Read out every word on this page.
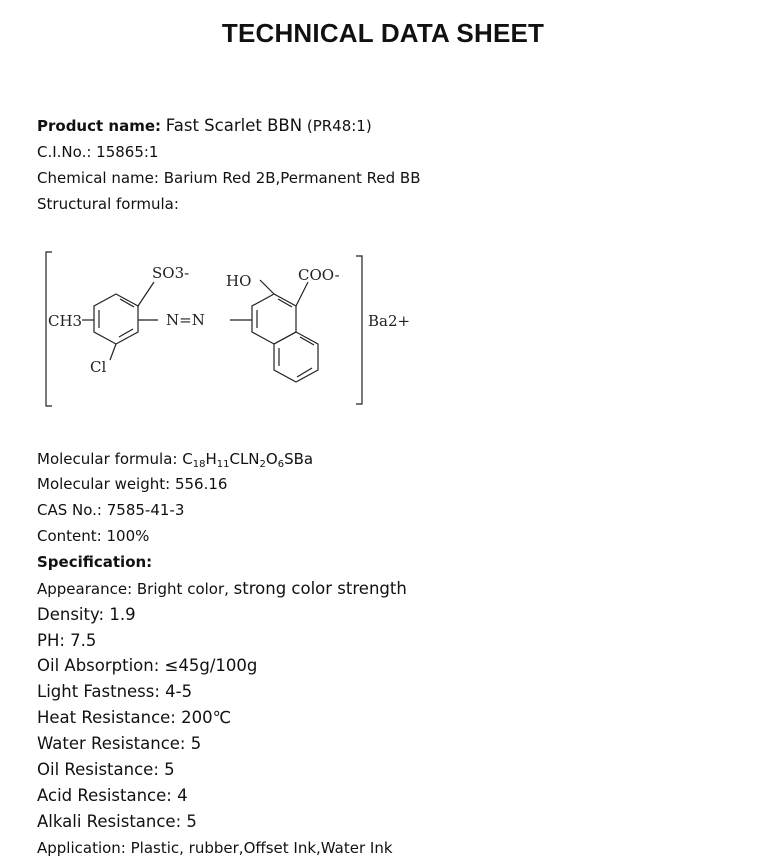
TECHNICAL DATA SHEET
Product name: Fast Scarlet BBN (PR48:1)
C.I.No.: 15865:1
Chemical name: Barium Red 2B,Permanent Red BB
Structural formula:
SO3- HO	COO-
CH3	N=N
Cl
Ba2+
Molecular formula: $C_{18}H_{11}CLN_2O_6SBa$
Molecular weight: 556.16
CAS No.: 7585-41-3
Content: 100%
Specification:
Appearance: Bright color, strong color strength
Density: 1.9
PH: 7.5
Oil Absorption: ≤45g/100g
Light Fastness: 4-5
Heat Resistance: 200℃
Water Resistance: 5
Oil Resistance: 5
Acid Resistance: 4
Alkali Resistance: 5
Application: Plastic, rubber,Offset Ink,Water Ink
